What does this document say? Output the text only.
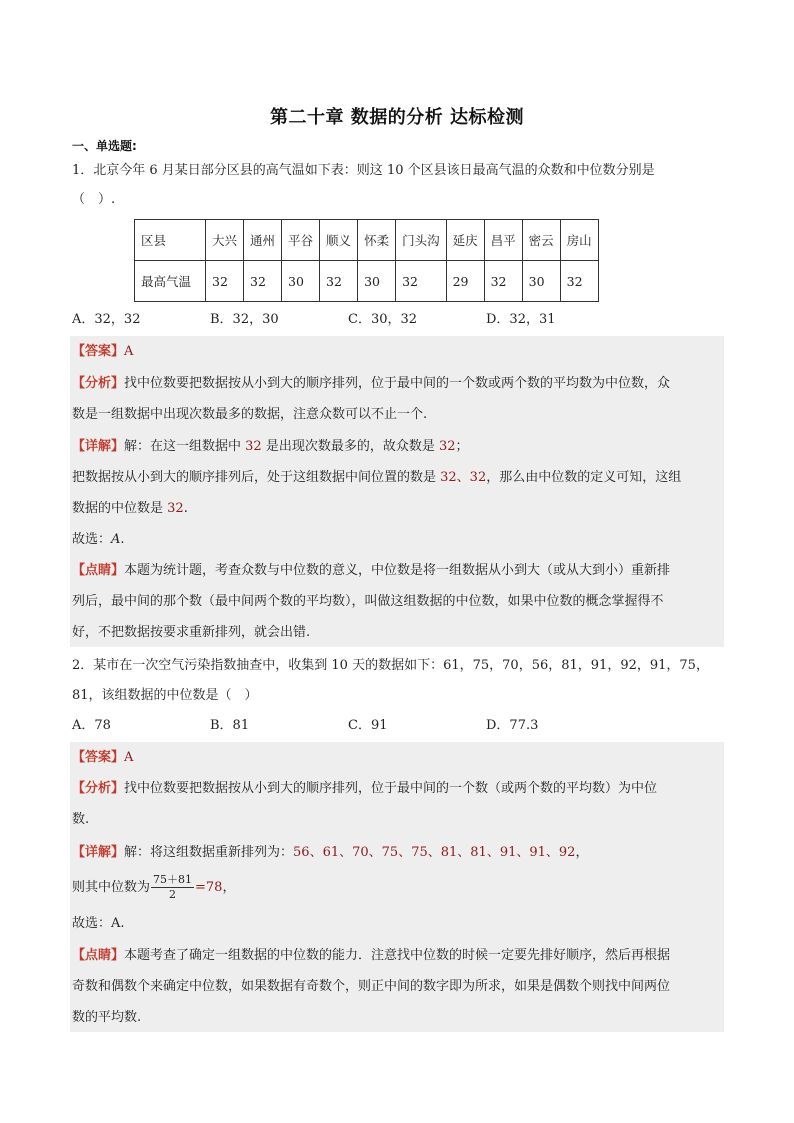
第二十章 数据的分析 达标检测
一、单选题:
1．北京今年 6 月某日部分区县的高气温如下表：则这 10 个区县该日最高气温的众数和中位数分别是
（　）.
区县	大兴	通州	平谷	顺义	怀柔	门头沟	延庆	昌平	密云	房山
最高气温	32	32	30	32	30	32	29	32	30	32
A．32，32	B．32，30	C．30，32	D．32，31
【答案】A
【分析】找中位数要把数据按从小到大的顺序排列，位于最中间的一个数或两个数的平均数为中位数，众
数是一组数据中出现次数最多的数据，注意众数可以不止一个.
【详解】解：在这一组数据中 32 是出现次数最多的，故众数是 32；
把数据按从小到大的顺序排列后，处于这组数据中间位置的数是 32、32，那么由中位数的定义可知，这组
数据的中位数是 32.
故选：A.
【点睛】本题为统计题，考查众数与中位数的意义，中位数是将一组数据从小到大（或从大到小）重新排
列后，最中间的那个数（最中间两个数的平均数），叫做这组数据的中位数，如果中位数的概念掌握得不
好，不把数据按要求重新排列，就会出错.
2．某市在一次空气污染指数抽查中，收集到 10 天的数据如下：61，75，70，56，81，91，92，91，75，
81，该组数据的中位数是（　）
A．78	B．81	C．91	D．77.3
【答案】A
【分析】找中位数要把数据按从小到大的顺序排列，位于最中间的一个数（或两个数的平均数）为中位
数.
【详解】解：将这组数据重新排列为：56、61、70、75、75、81、81、91、91、92，
则其中位数为 $\frac{75+81}{2} =78$，
故选：A.
【点睛】本题考查了确定一组数据的中位数的能力．注意找中位数的时候一定要先排好顺序，然后再根据
奇数和偶数个来确定中位数，如果数据有奇数个，则正中间的数字即为所求，如果是偶数个则找中间两位
数的平均数.
